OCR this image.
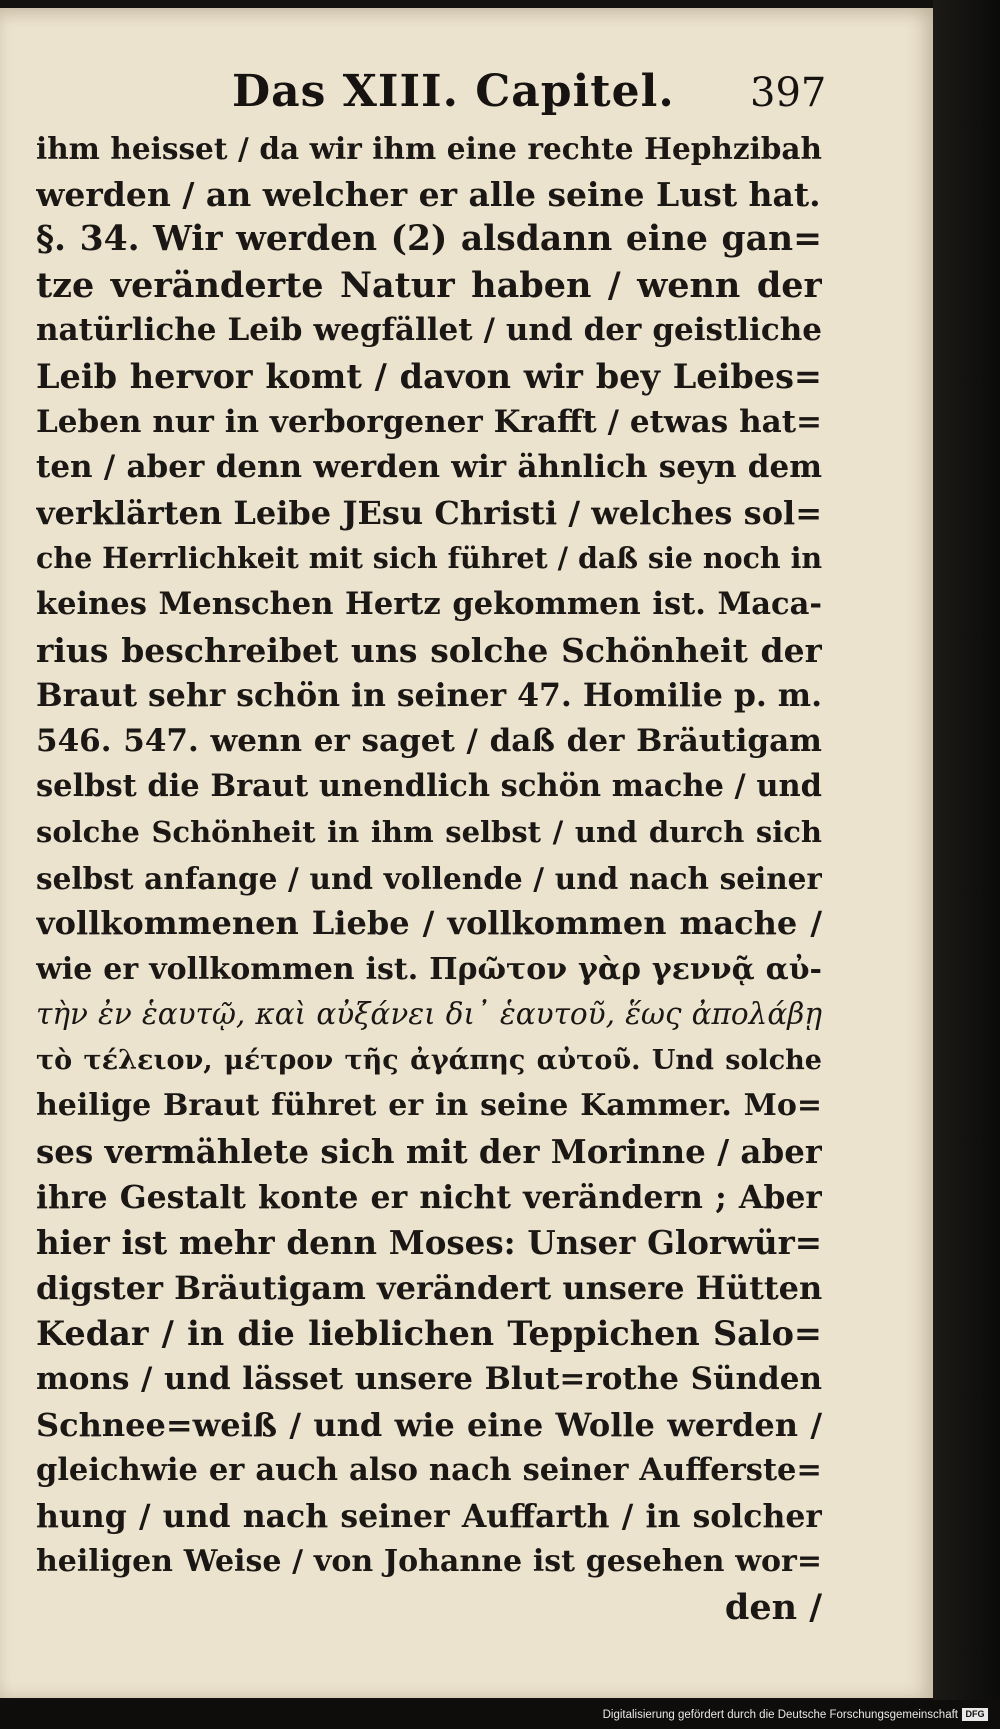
Das XIII. Capitel. 397
ihm heisset / da wir ihm eine rechte Hephzibah
werden / an welcher er alle seine Lust hat.
§. 34. Wir werden (2) alsdann eine gan=
tze veränderte Natur haben / wenn der
natürliche Leib wegfället / und der geistliche
Leib hervor komt / davon wir bey Leibes=
Leben nur in verborgener Krafft / etwas hat=
ten / aber denn werden wir ähnlich seyn dem
verklärten Leibe JEsu Christi / welches sol=
che Herrlichkeit mit sich führet / daß sie noch in
keines Menschen Hertz gekommen ist. Maca-
rius beschreibet uns solche Schönheit der
Braut sehr schön in seiner 47. Homilie p. m.
546. 547. wenn er saget / daß der Bräutigam
selbst die Braut unendlich schön mache / und
solche Schönheit in ihm selbst / und durch sich
selbst anfange / und vollende / und nach seiner
vollkommenen Liebe / vollkommen mache /
wie er vollkommen ist. Πρῶτον γὰρ γεννᾷ αὐ-
τὴν ἐν ἑαυτῷ, καὶ αὐξάνει δι᾽ ἑαυτοῦ, ἕως ἀπολάβῃ
τὸ τέλειον, μέτρον τῆς ἀγάπης αὐτοῦ. Und solche
heilige Braut führet er in seine Kammer. Mo=
ses vermählete sich mit der Morinne / aber
ihre Gestalt konte er nicht verändern ; Aber
hier ist mehr denn Moses: Unser Glorwür=
digster Bräutigam verändert unsere Hütten
Kedar / in die lieblichen Teppichen Salo=
mons / und lässet unsere Blut=rothe Sünden
Schnee=weiß / und wie eine Wolle werden /
gleichwie er auch also nach seiner Aufferste=
hung / und nach seiner Auffarth / in solcher
heiligen Weise / von Johanne ist gesehen wor=
den /
Digitalisierung gefördert durch die Deutsche Forschungsgemeinschaft DFG
